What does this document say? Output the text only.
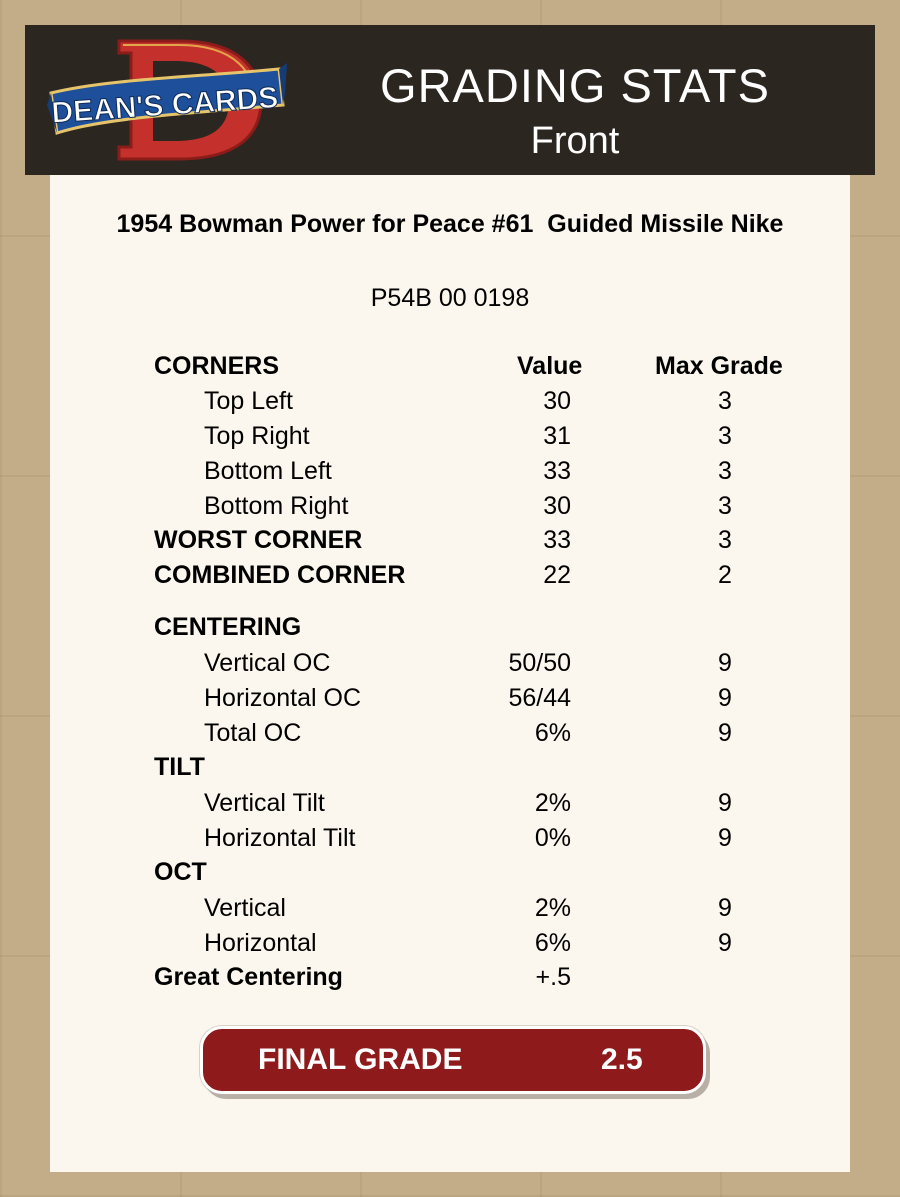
DEAN'S CARDS	GRADING STATS
Front
1954 Bowman Power for Peace #61  Guided Missile Nike
P54B 00 0198
CORNERS	Value	Max Grade
Top Left	30	3
Top Right	31	3
Bottom Left	33	3
Bottom Right	30	3
WORST CORNER	33	3
COMBINED CORNER	22	2
CENTERING
Vertical OC	50/50	9
Horizontal OC	56/44	9
Total OC	6%	9
TILT
Vertical Tilt	2%	9
Horizontal Tilt	0%	9
OCT
Vertical	2%	9
Horizontal	6%	9
Great Centering	+.5
FINAL GRADE	2.5
